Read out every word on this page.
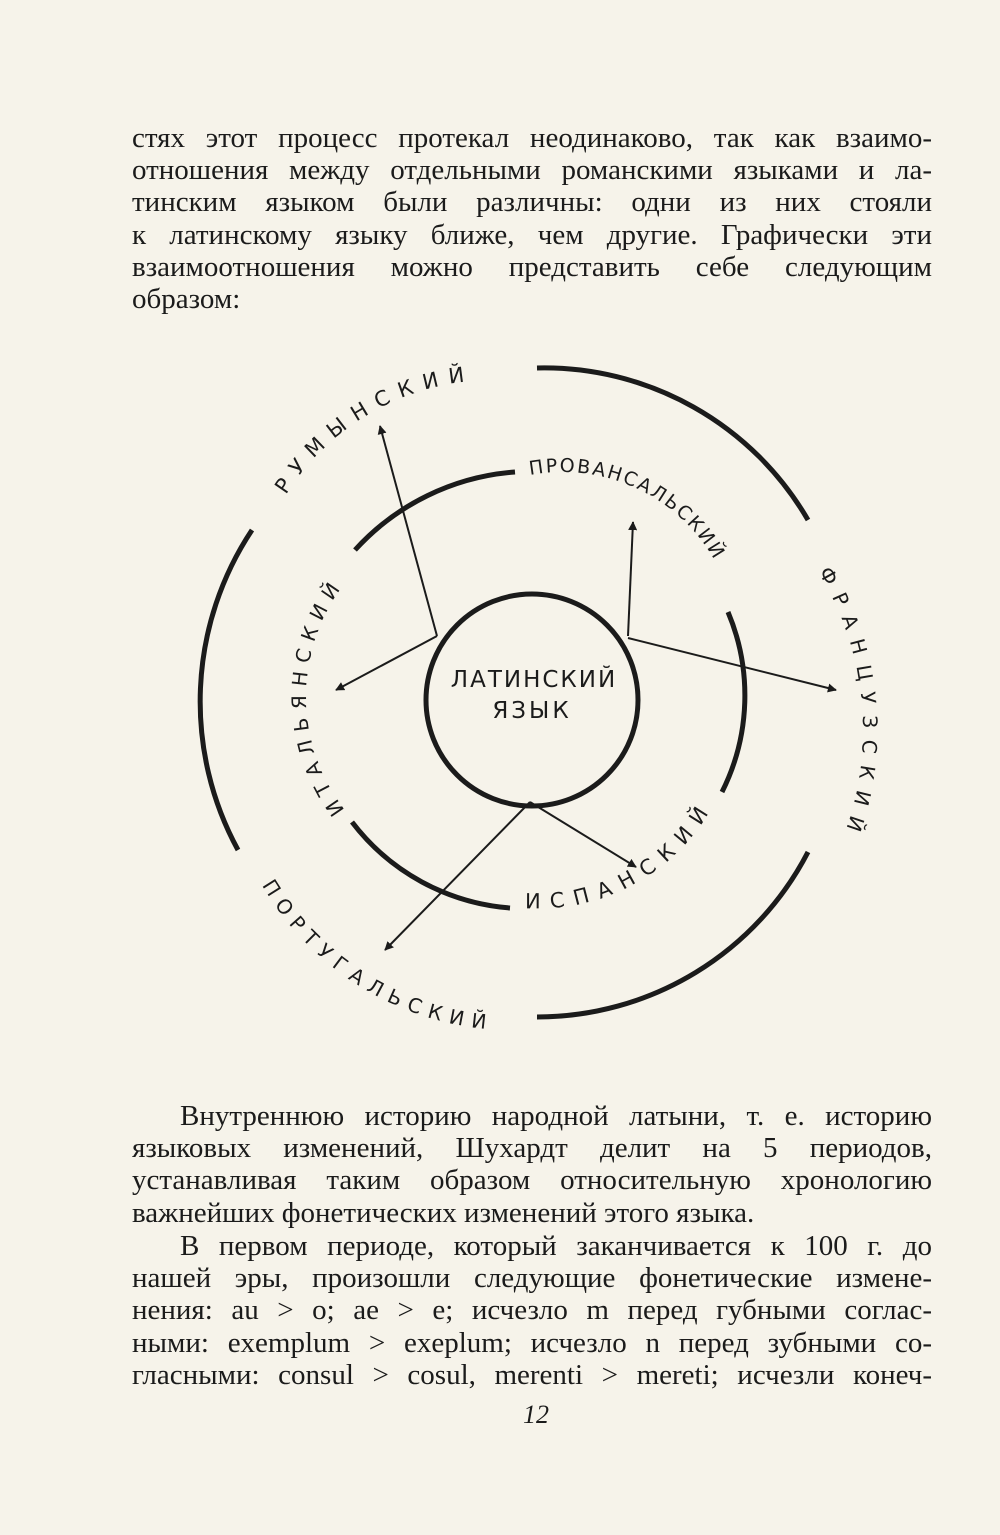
стях этот процесс протекал неодинаково, так как взаимо-
отношения между отдельными романскими языками и ла-
тинским языком были различны: одни из них стояли
к латинскому языку ближе, чем другие. Графически эти
взаимоотношения можно представить себе следующим
образом:
ЛАТИНСКИЙ
ЯЗЫК
РУМЫНСКИЙ
ПРОВАНСАЛЬСКИЙ
ФРАНЦУЗСКИЙ
ИТАЛЬЯНСКИЙ
ИСПАНСКИЙ
ПОРТУГАЛЬСКИЙ
Внутреннюю историю народной латыни, т. е. историю
языковых изменений, Шухардт делит на 5 периодов,
устанавливая таким образом относительную хронологию
важнейших фонетических изменений этого языка.
В первом периоде, который заканчивается к 100 г. до
нашей эры, произошли следующие фонетические измене-
нения: au > o; ae > e; исчезло m перед губными соглас-
ными: exemplum > exeplum; исчезло n перед зубными со-
гласными: consul > cosul, merenti > mereti; исчезли конеч-
12
